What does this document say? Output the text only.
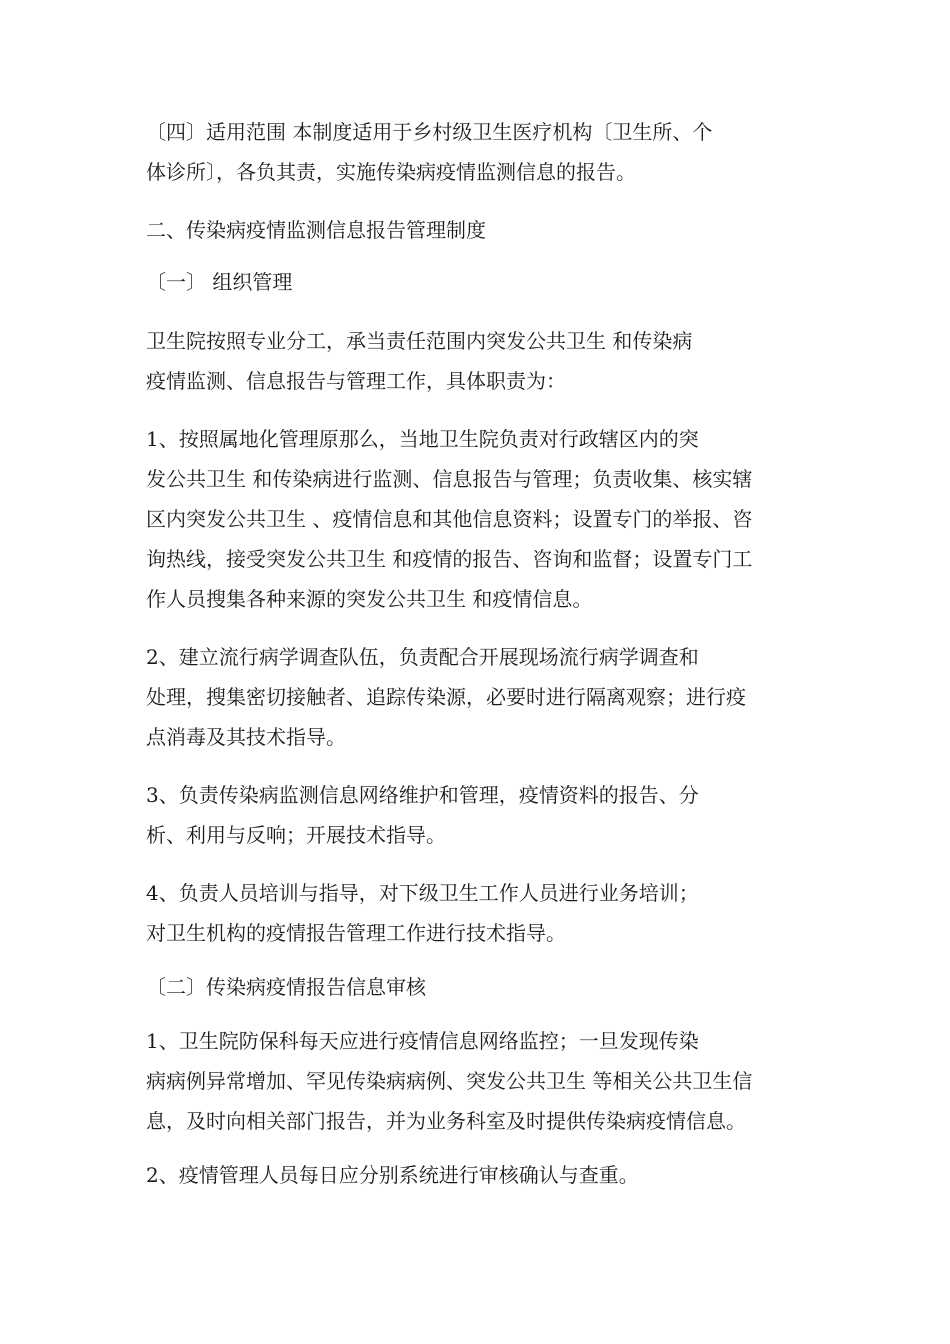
〔四〕适用范围 本制度适用于乡村级卫生医疗机构〔卫生所、个
体诊所〕，各负其责，实施传染病疫情监测信息的报告。

二、传染病疫情监测信息报告管理制度

〔一〕 组织管理

卫生院按照专业分工，承当责任范围内突发公共卫生 和传染病
疫情监测、信息报告与管理工作，具体职责为：

1、按照属地化管理原那么，当地卫生院负责对行政辖区内的突
发公共卫生 和传染病进行监测、信息报告与管理；负责收集、核实辖
区内突发公共卫生 、疫情信息和其他信息资料；设置专门的举报、咨
询热线，接受突发公共卫生 和疫情的报告、咨询和监督；设置专门工
作人员搜集各种来源的突发公共卫生 和疫情信息。

2、建立流行病学调查队伍，负责配合开展现场流行病学调查和
处理，搜集密切接触者、追踪传染源，必要时进行隔离观察；进行疫
点消毒及其技术指导。

3、负责传染病监测信息网络维护和管理，疫情资料的报告、分
析、利用与反响；开展技术指导。

4、负责人员培训与指导，对下级卫生工作人员进行业务培训；
对卫生机构的疫情报告管理工作进行技术指导。

〔二〕传染病疫情报告信息审核

1、卫生院防保科每天应进行疫情信息网络监控；一旦发现传染
病病例异常增加、罕见传染病病例、突发公共卫生 等相关公共卫生信
息，及时向相关部门报告，并为业务科室及时提供传染病疫情信息。

2、疫情管理人员每日应分别系统进行审核确认与查重。
